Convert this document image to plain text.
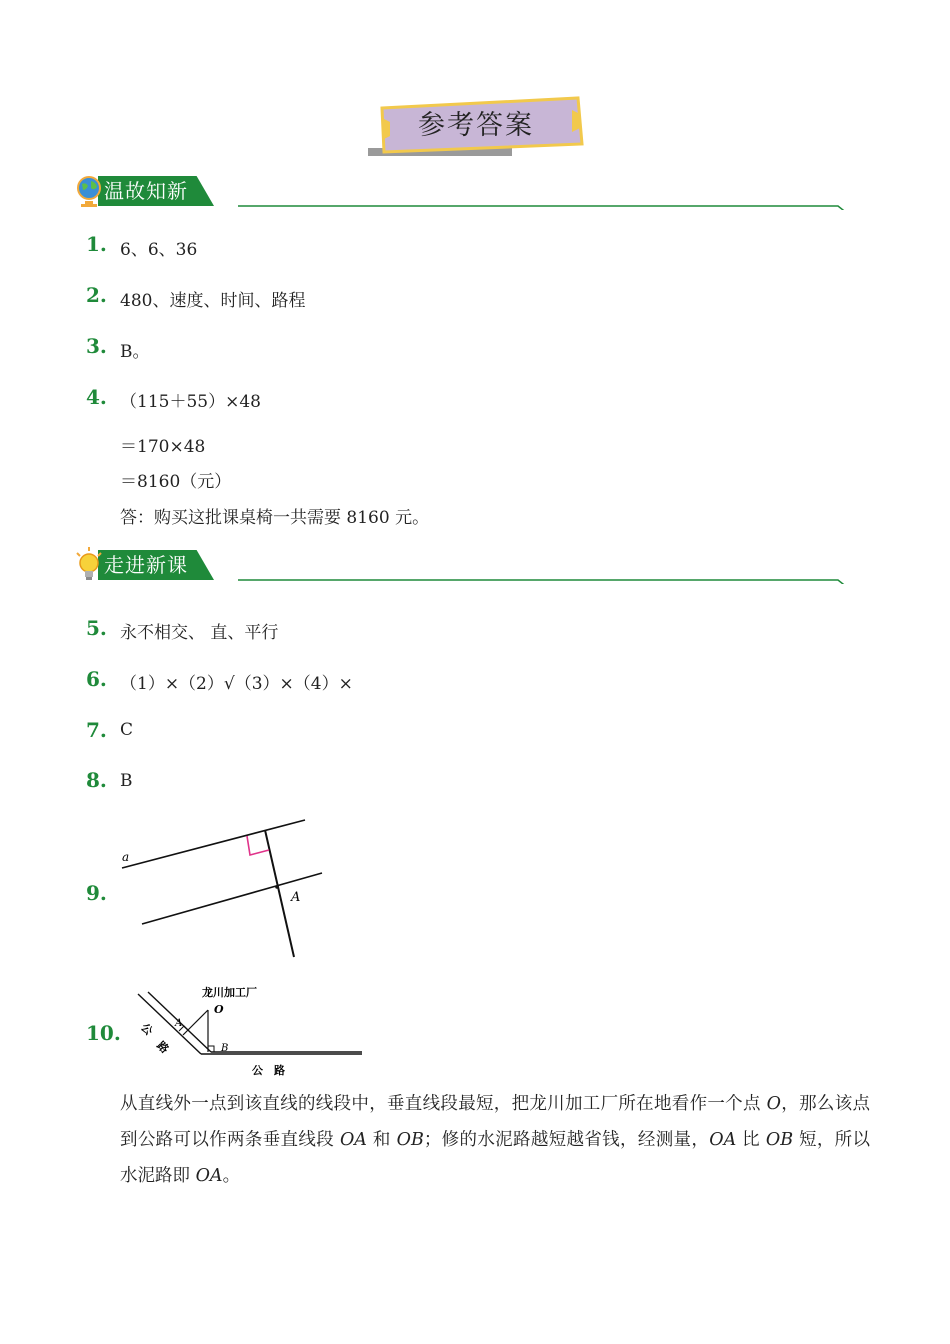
参考答案
温故知新
1. 6、6、36
2. 480、速度、时间、路程
3. B。
4. （115＋55）×48
＝170×48
＝8160（元）
答：购买这批课桌椅一共需要 8160 元。
走进新课
5. 永不相交、 直、平行
6. （1）×（2）√（3）×（4）×
7. C
8. B
9.
a
A
10.
龙川加工厂
O
A
B
公　路
公
路
从直线外一点到该直线的线段中，垂直线段最短，把龙川加工厂所在地看作一个点 O，那么该点到公路可以作两条垂直线段 OA 和 OB；修的水泥路越短越省钱，经测量，OA 比 OB 短，所以水泥路即 OA。
